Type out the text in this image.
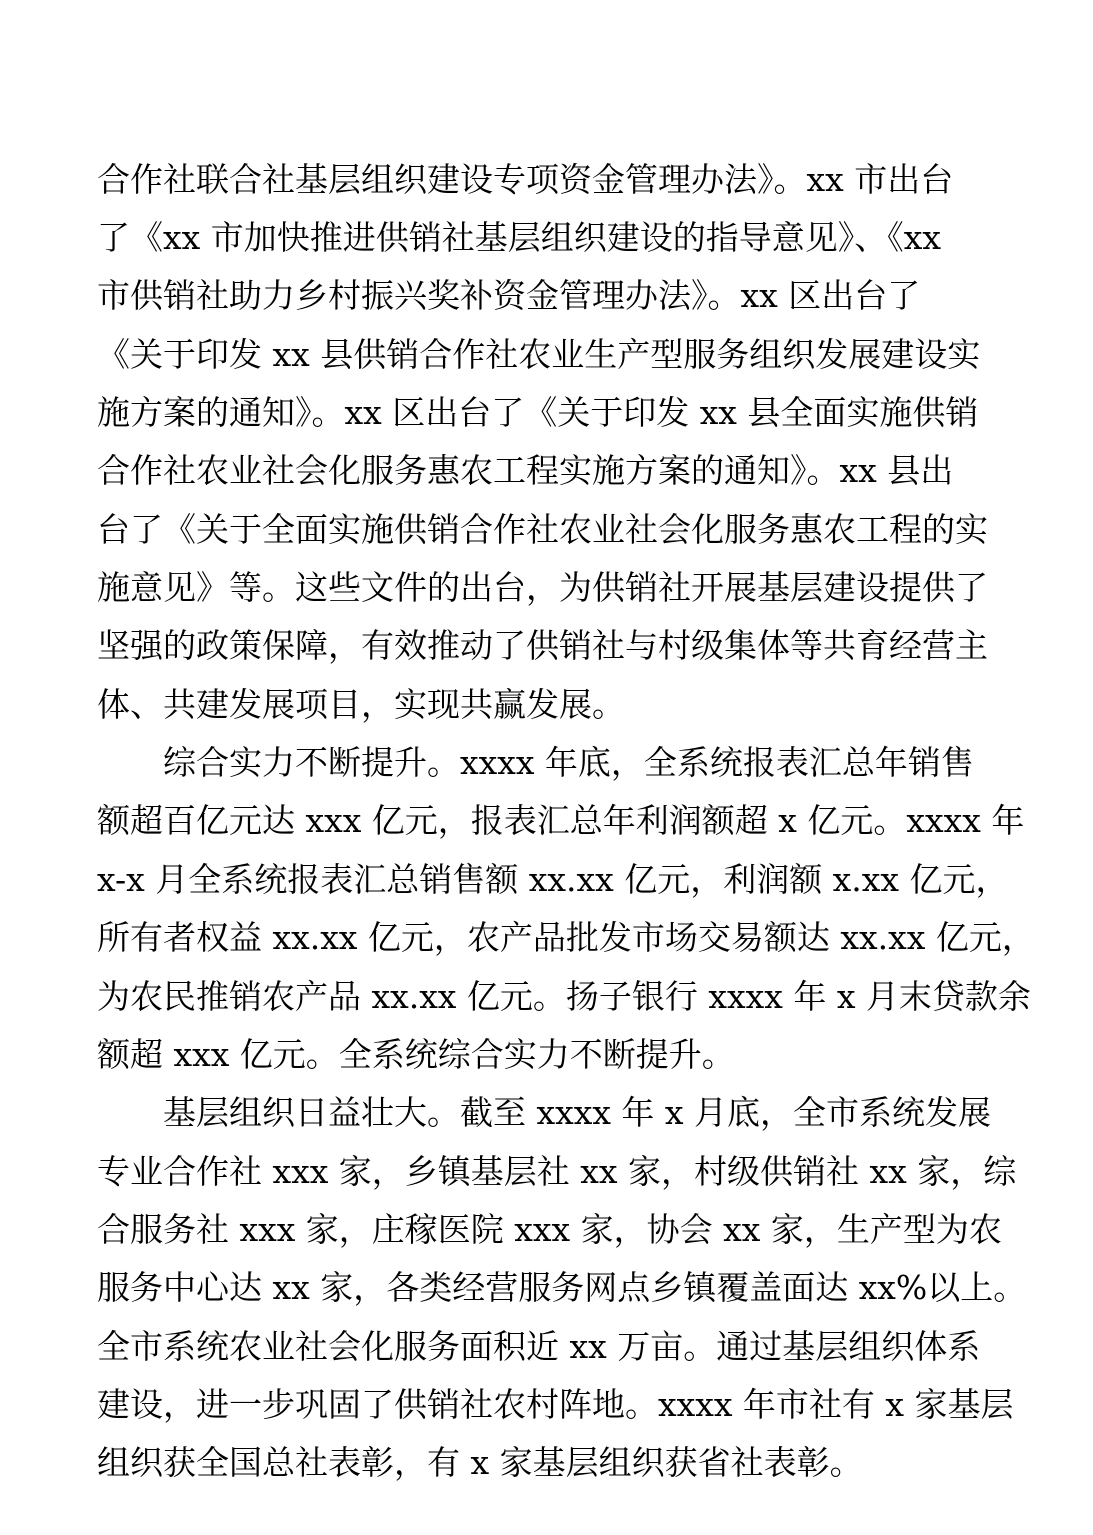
合作社联合社基层组织建设专项资金管理办法》。xx 市出台
了《xx 市加快推进供销社基层组织建设的指导意见》、《xx
市供销社助力乡村振兴奖补资金管理办法》。xx 区出台了
《关于印发 xx 县供销合作社农业生产型服务组织发展建设实
施方案的通知》。xx 区出台了《关于印发 xx 县全面实施供销
合作社农业社会化服务惠农工程实施方案的通知》。xx 县出
台了《关于全面实施供销合作社农业社会化服务惠农工程的实
施意见》等。这些文件的出台，为供销社开展基层建设提供了
坚强的政策保障，有效推动了供销社与村级集体等共育经营主
体、共建发展项目，实现共赢发展。
综合实力不断提升。xxxx 年底，全系统报表汇总年销售
额超百亿元达 xxx 亿元，报表汇总年利润额超 x 亿元。xxxx 年
x-x 月全系统报表汇总销售额 xx.xx 亿元，利润额 x.xx 亿元，
所有者权益 xx.xx 亿元，农产品批发市场交易额达 xx.xx 亿元，
为农民推销农产品 xx.xx 亿元。扬子银行 xxxx 年 x 月末贷款余
额超 xxx 亿元。全系统综合实力不断提升。
基层组织日益壮大。截至 xxxx 年 x 月底，全市系统发展
专业合作社 xxx 家，乡镇基层社 xx 家，村级供销社 xx 家，综
合服务社 xxx 家，庄稼医院 xxx 家，协会 xx 家，生产型为农
服务中心达 xx 家，各类经营服务网点乡镇覆盖面达 xx%以上。
全市系统农业社会化服务面积近 xx 万亩。通过基层组织体系
建设，进一步巩固了供销社农村阵地。xxxx 年市社有 x 家基层
组织获全国总社表彰，有 x 家基层组织获省社表彰。
